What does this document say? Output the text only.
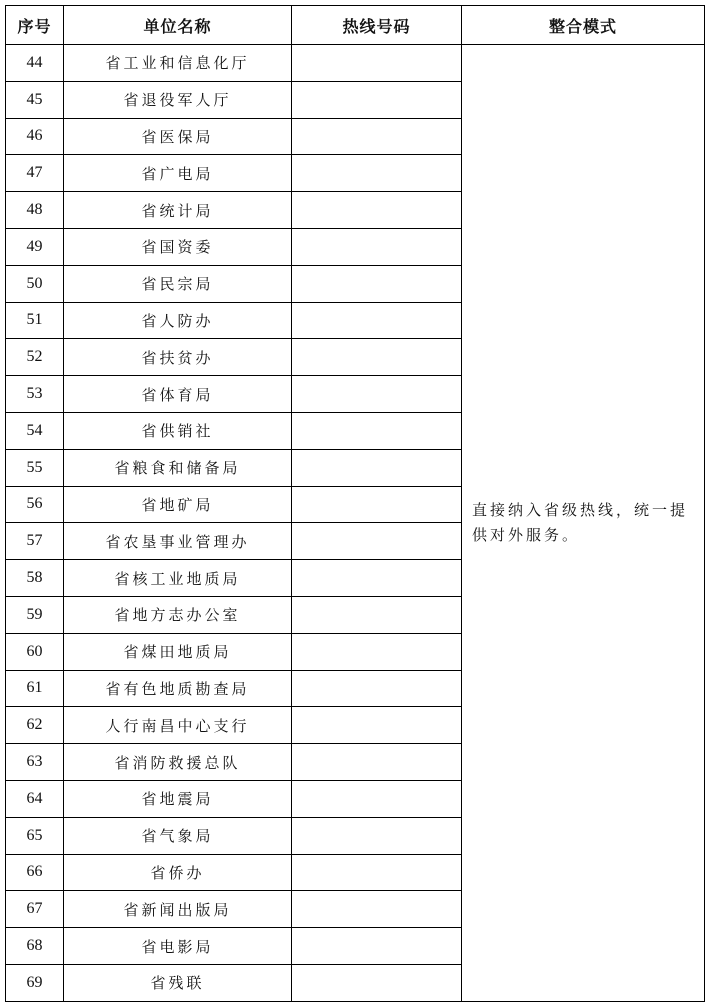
序号	单位名称	热线号码	整合模式
44	省工业和信息化厅		直接纳入省级热线，统一提供对外服务。

45	省退役军人厅		
46	省医保局		
47	省广电局		
48	省统计局		
49	省国资委		
50	省民宗局		
51	省人防办		
52	省扶贫办		
53	省体育局		
54	省供销社		
55	省粮食和储备局		
56	省地矿局		
57	省农垦事业管理办		
58	省核工业地质局		
59	省地方志办公室		
60	省煤田地质局		
61	省有色地质勘查局		
62	人行南昌中心支行		
63	省消防救援总队		
64	省地震局		
65	省气象局		
66	省侨办		
67	省新闻出版局		
68	省电影局		
69	省残联		
